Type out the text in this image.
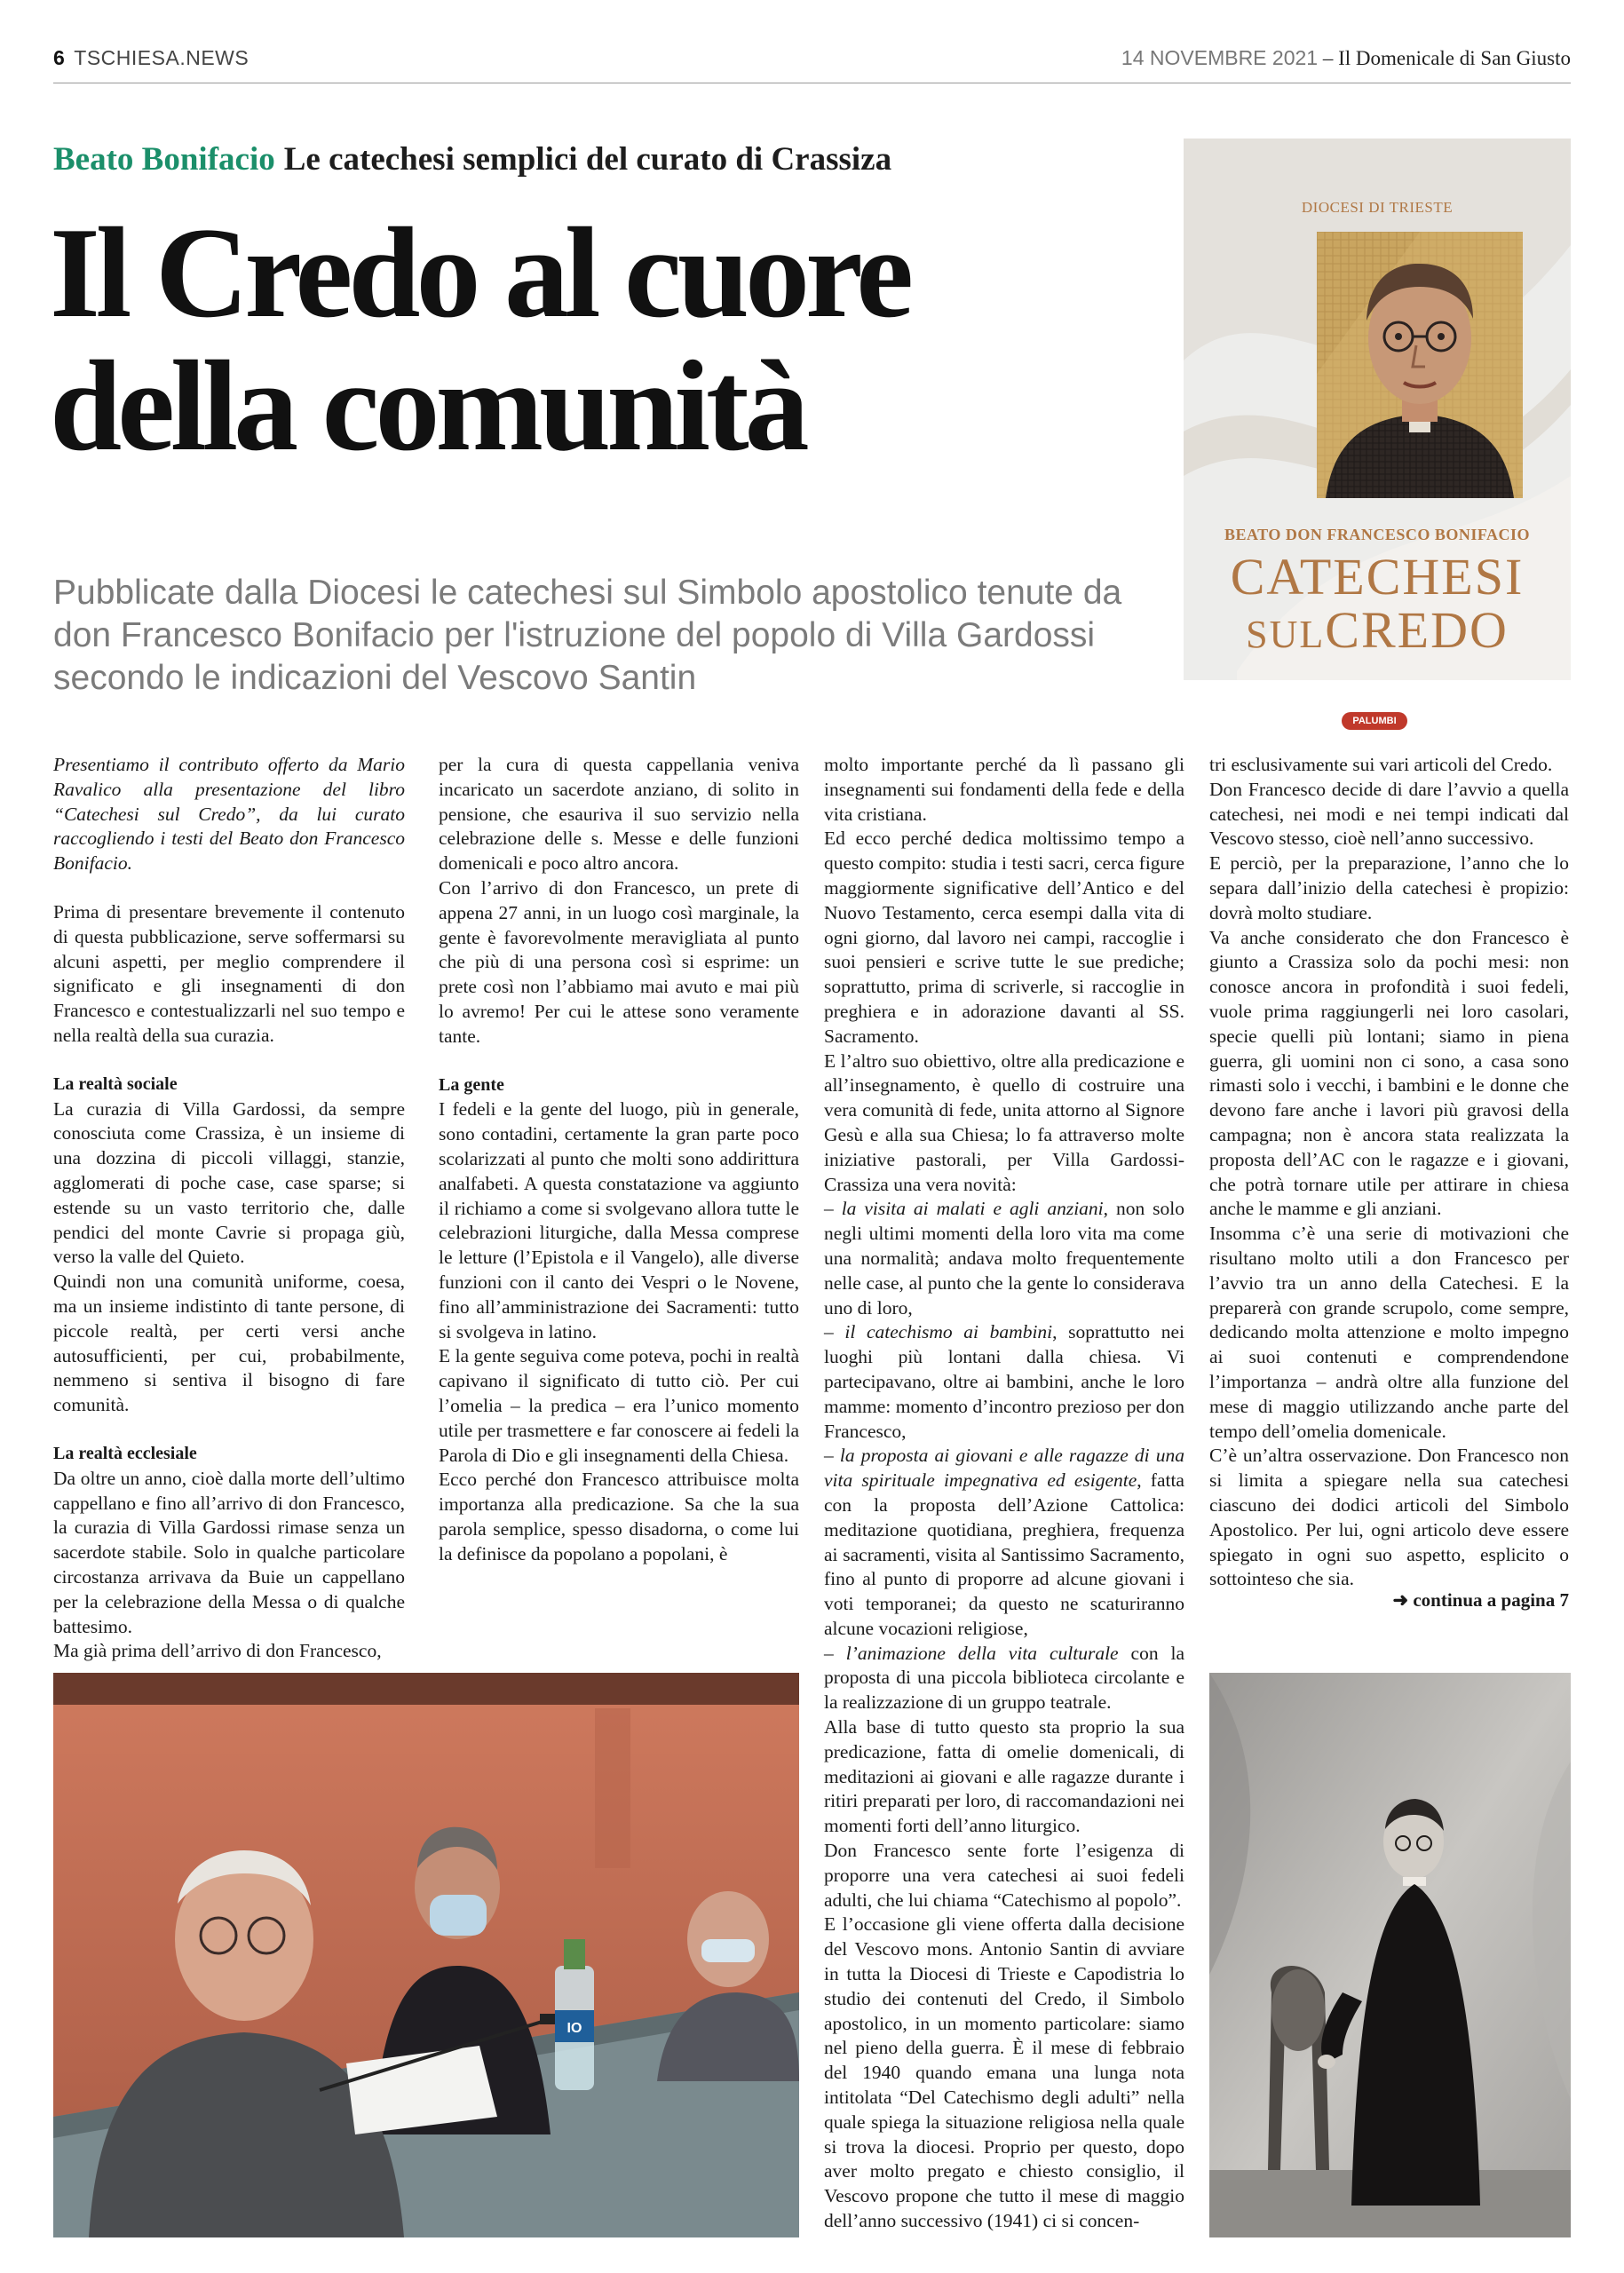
6 TSCHIESA.NEWS	14 NOVEMBRE 2021 – Il Domenicale di San Giusto
Beato Bonifacio Le catechesi semplici del curato di Crassiza
Il Credo al cuore
della comunità
Pubblicate dalla Diocesi le catechesi sul Simbolo apostolico tenute da don Francesco Bonifacio per l'istruzione del popolo di Villa Gardossi secondo le indicazioni del Vescovo Santin
DIOCESI DI TRIESTE
BEATO DON FRANCESCO BONIFACIO
CATECHESI
SULCREDO
PALUMBI

Presentiamo il contributo offerto da Mario Ravalico alla presentazione del libro “Catechesi sul Credo”, da lui curato raccogliendo i testi del Beato don Francesco Bonifacio.

Prima di presentare brevemente il contenuto di questa pubblicazione, serve soffermarsi su alcuni aspetti, per meglio comprendere il significato e gli insegnamenti di don Francesco e contestualizzarli nel suo tempo e nella realtà della sua curazia.

La realtà sociale

La curazia di Villa Gardossi, da sempre conosciuta come Crassiza, è un insieme di una dozzina di piccoli villaggi, stanzie, agglomerati di poche case, case sparse; si estende su un vasto territorio che, dalle pendici del monte Cavrie si propaga giù, verso la valle del Quieto.

Quindi non una comunità uniforme, coesa, ma un insieme indistinto di tante persone, di piccole realtà, per certi versi anche autosufficienti, per cui, probabilmente, nemmeno si sentiva il bisogno di fare comunità.

La realtà ecclesiale

Da oltre un anno, cioè dalla morte dell’ultimo cappellano e fino all’arrivo di don Francesco, la curazia di Villa Gardossi rimase senza un sacerdote stabile. Solo in qualche particolare circostanza arrivava da Buie un cappellano per la celebrazione della Messa o di qualche battesimo.

Ma già prima dell’arrivo di don Francesco,

per la cura di questa cappellania veniva incaricato un sacerdote anziano, di solito in pensione, che esauriva il suo servizio nella celebrazione delle s. Messe e delle funzioni domenicali e poco altro ancora.

Con l’arrivo di don Francesco, un prete di appena 27 anni, in un luogo così marginale, la gente è favorevolmente meravigliata al punto che più di una persona così si esprime: un prete così non l’abbiamo mai avuto e mai più lo avremo! Per cui le attese sono veramente tante.

La gente

I fedeli e la gente del luogo, più in generale, sono contadini, certamente la gran parte poco scolarizzati al punto che molti sono addirittura analfabeti. A questa constatazione va aggiunto il richiamo a come si svolgevano allora tutte le celebrazioni liturgiche, dalla Messa comprese le letture (l’Epistola e il Vangelo), alle diverse funzioni con il canto dei Vespri o le Novene, fino all’amministrazione dei Sacramenti: tutto si svolgeva in latino.

E la gente seguiva come poteva, pochi in realtà capivano il significato di tutto ciò. Per cui l’omelia – la predica – era l’unico momento utile per trasmettere e far conoscere ai fedeli la Parola di Dio e gli insegnamenti della Chiesa.

Ecco perché don Francesco attribuisce molta importanza alla predicazione. Sa che la sua parola semplice, spesso disadorna, o come lui la definisce da popolano a popolani, è

molto importante perché da lì passano gli insegnamenti sui fondamenti della fede e della vita cristiana.

Ed ecco perché dedica moltissimo tempo a questo compito: studia i testi sacri, cerca figure maggiormente significative dell’Antico e del Nuovo Testamento, cerca esempi dalla vita di ogni giorno, dal lavoro nei campi, raccoglie i suoi pensieri e scrive tutte le sue prediche; soprattutto, prima di scriverle, si raccoglie in preghiera e in adorazione davanti al SS. Sacramento.

E l’altro suo obiettivo, oltre alla predicazione e all’insegnamento, è quello di costruire una vera comunità di fede, unita attorno al Signore Gesù e alla sua Chiesa; lo fa attraverso molte iniziative pastorali, per Villa Gardossi-Crassiza una vera novità:

– la visita ai malati e agli anziani, non solo negli ultimi momenti della loro vita ma come una normalità; andava molto frequentemente nelle case, al punto che la gente lo considerava uno di loro,

– il catechismo ai bambini, soprattutto nei luoghi più lontani dalla chiesa. Vi partecipavano, oltre ai bambini, anche le loro mamme: momento d’incontro prezioso per don Francesco,

– la proposta ai giovani e alle ragazze di una vita spirituale impegnativa ed esigente, fatta con la proposta dell’Azione Cattolica: meditazione quotidiana, preghiera, frequenza ai sacramenti, visita al Santissimo Sacramento, fino al punto di proporre ad alcune giovani i voti temporanei; da questo ne scaturiranno alcune vocazioni religiose,

– l’animazione della vita culturale con la proposta di una piccola biblioteca circolante e la realizzazione di un gruppo teatrale.

Alla base di tutto questo sta proprio la sua predicazione, fatta di omelie domenicali, di meditazioni ai giovani e alle ragazze durante i ritiri preparati per loro, di raccomandazioni nei momenti forti dell’anno liturgico.

Don Francesco sente forte l’esigenza di proporre una vera catechesi ai suoi fedeli adulti, che lui chiama “Catechismo al popolo”.

E l’occasione gli viene offerta dalla decisione del Vescovo mons. Antonio Santin di avviare in tutta la Diocesi di Trieste e Capodistria lo studio dei contenuti del Credo, il Simbolo apostolico, in un momento particolare: siamo nel pieno della guerra. È il mese di febbraio del 1940 quando emana una lunga nota intitolata “Del Catechismo degli adulti” nella quale spiega la situazione religiosa nella quale si trova la diocesi. Proprio per questo, dopo aver molto pregato e chiesto consiglio, il Vescovo propone che tutto il mese di maggio dell’anno successivo (1941) ci si concen-

tri esclusivamente sui vari articoli del Credo.

Don Francesco decide di dare l’avvio a quella catechesi, nei modi e nei tempi indicati dal Vescovo stesso, cioè nell’anno successivo.

E perciò, per la preparazione, l’anno che lo separa dall’inizio della catechesi è propizio: dovrà molto studiare.

Va anche considerato che don Francesco è giunto a Crassiza solo da pochi mesi: non conosce ancora in profondità i suoi fedeli, vuole prima raggiungerli nei loro casolari, specie quelli più lontani; siamo in piena guerra, gli uomini non ci sono, a casa sono rimasti solo i vecchi, i bambini e le donne che devono fare anche i lavori più gravosi della campagna; non è ancora stata realizzata la proposta dell’AC con le ragazze e i giovani, che potrà tornare utile per attirare in chiesa anche le mamme e gli anziani.

Insomma c’è una serie di motivazioni che risultano molto utili a don Francesco per l’avvio tra un anno della Catechesi. E la preparerà con grande scrupolo, come sempre, dedicando molta attenzione e molto impegno ai suoi contenuti e comprendendone l’importanza – andrà oltre alla funzione del mese di maggio utilizzando anche parte del tempo dell’omelia domenicale.

C’è un’altra osservazione. Don Francesco non si limita a spiegare nella sua catechesi ciascuno dei dodici articoli del Simbolo Apostolico. Per lui, ogni articolo deve essere spiegato in ogni suo aspetto, esplicito o sottointeso che sia.

➜ continua a pagina 7
IO
